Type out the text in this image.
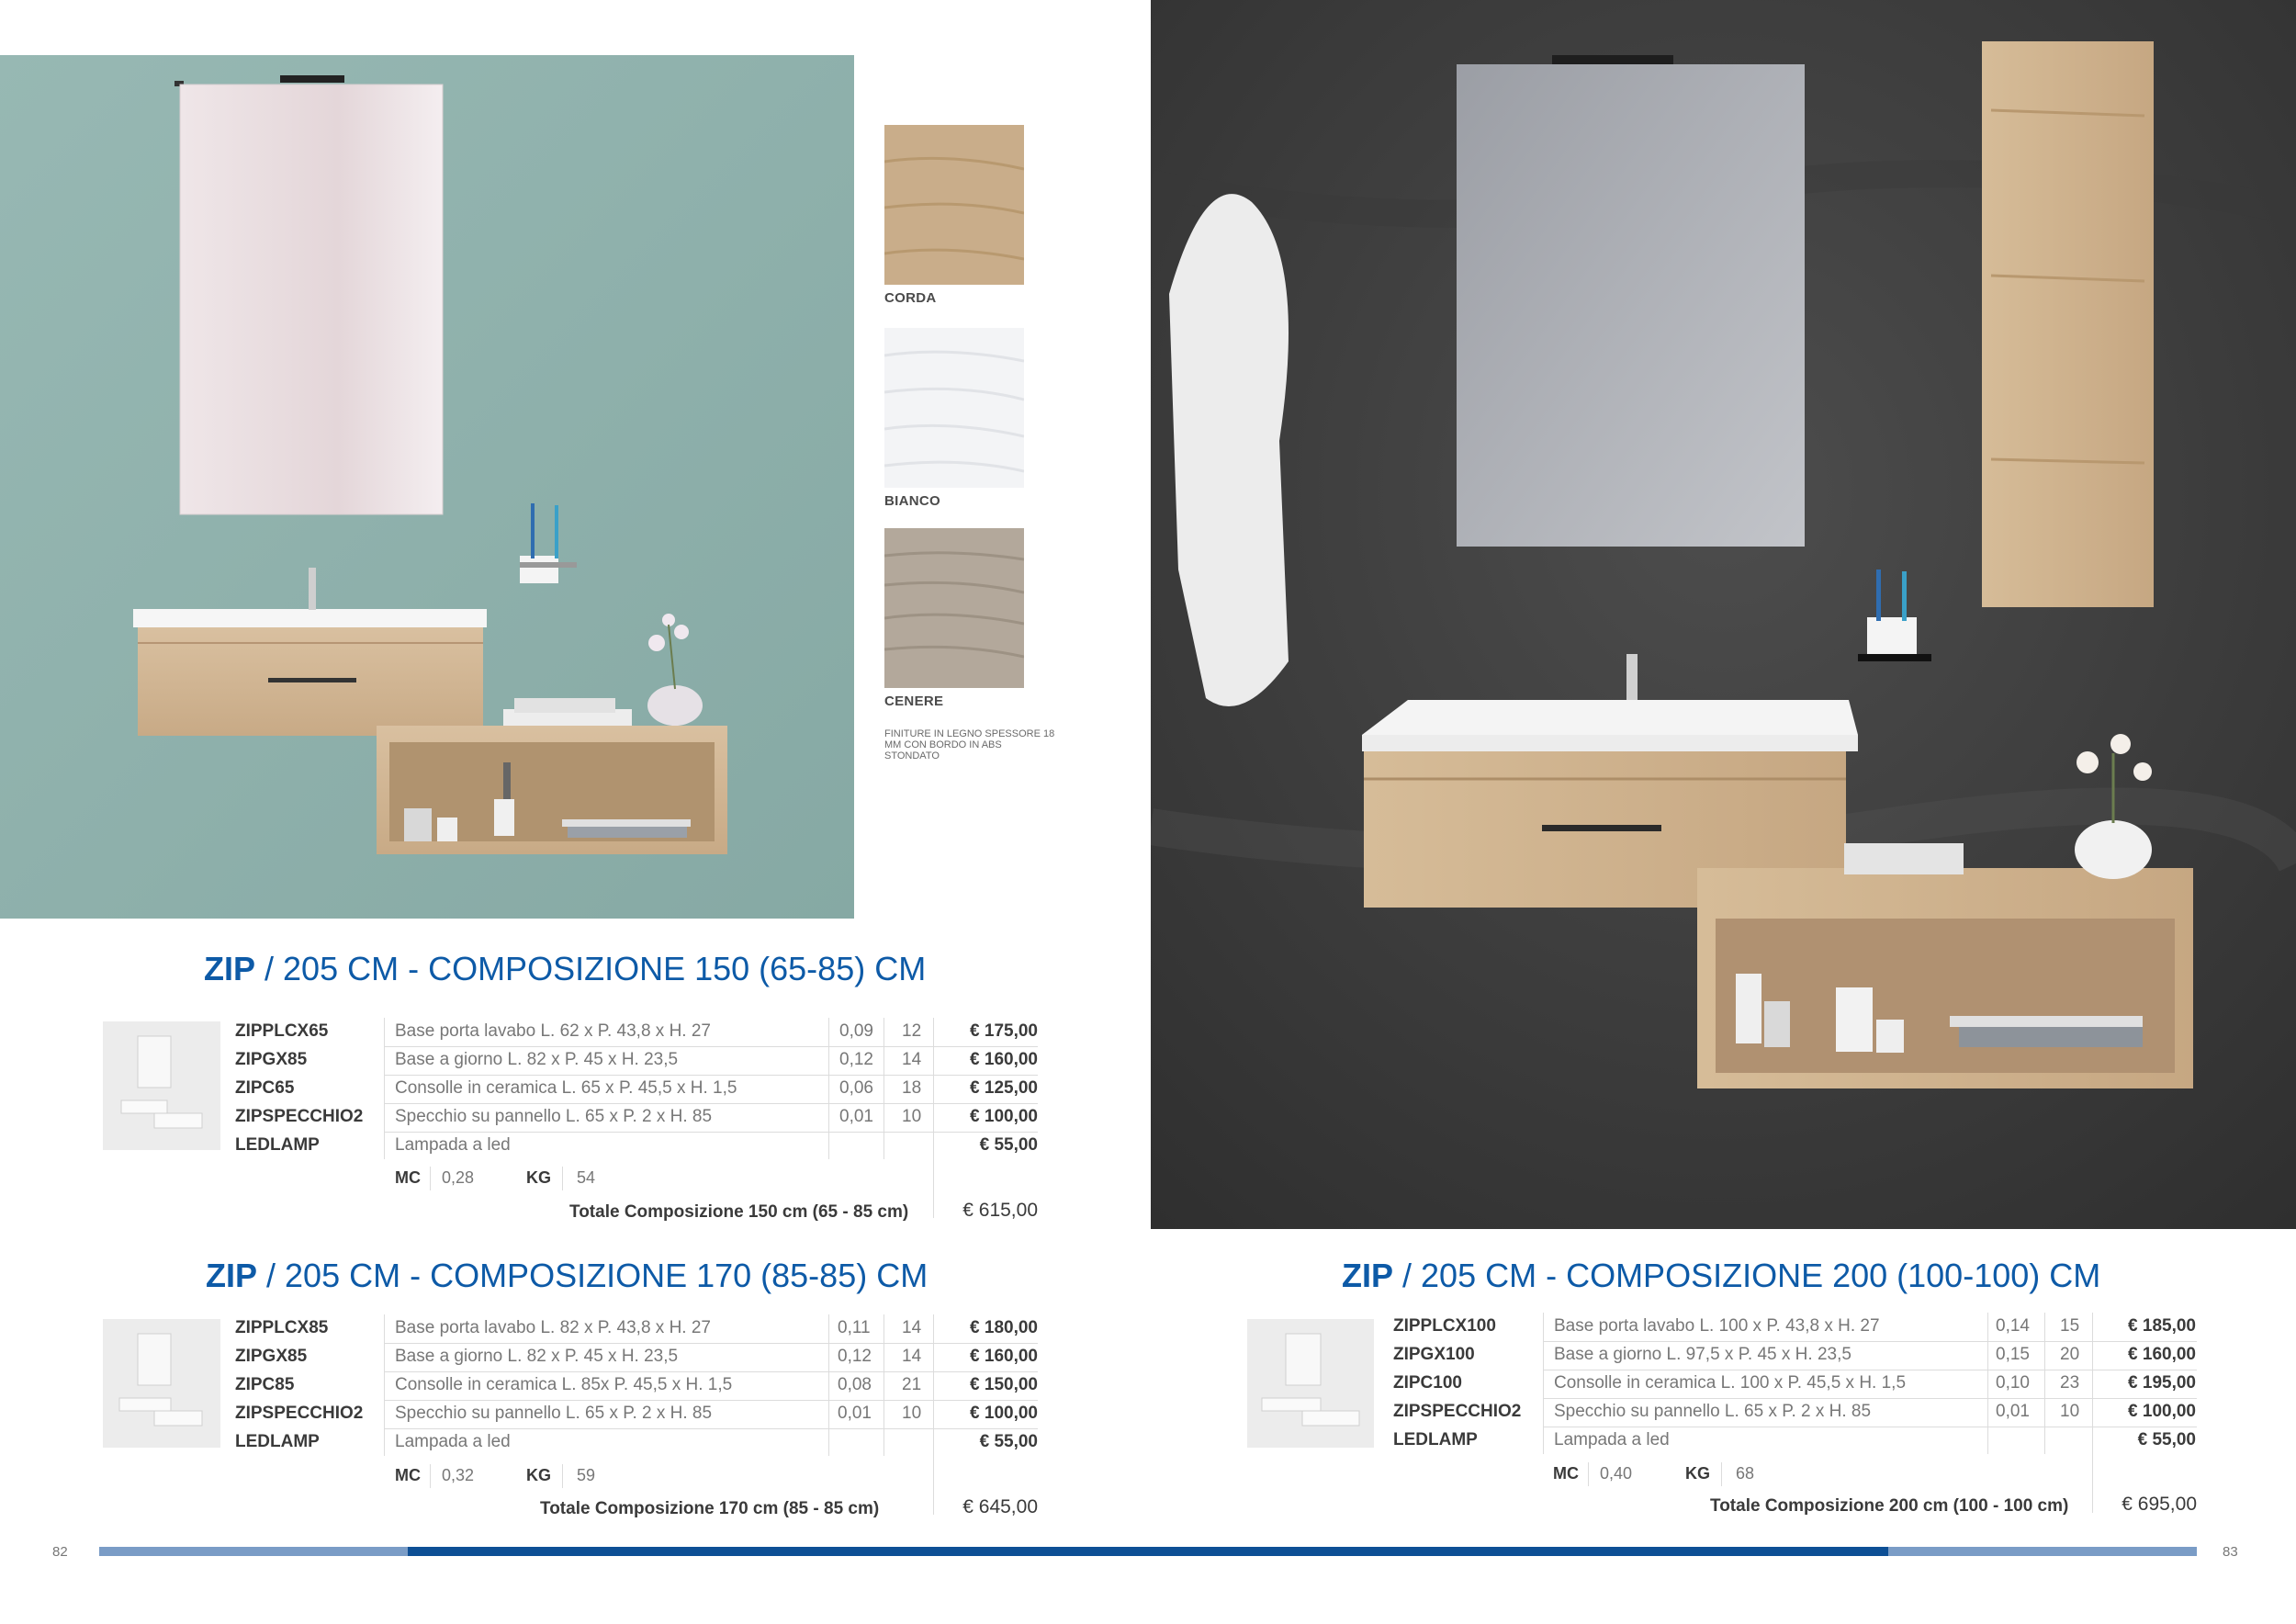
CORDA
BIANCO
CENERE
FINITURE IN LEGNO SPESSORE 18 MM CON BORDO IN ABS STONDATO
ZIP / 205 CM - COMPOSIZIONE 150 (65-85) CM
ZIPPLCX65	Base porta lavabo L. 62 x P. 43,8 x H. 27	0,09 12	€ 175,00
ZIPGX85	Base a giorno L. 82 x P. 45 x H. 23,5	0,12 14	€ 160,00
ZIPC65	Consolle in ceramica L. 65 x P. 45,5 x H. 1,5	0,06 18	€ 125,00
ZIPSPECCHIO2 Specchio su pannello L. 65 x P. 2 x H. 85	0,01 10	€ 100,00
LEDLAMP	Lampada a led	€ 55,00
MC 0,28	KG 54
Totale Composizione 150 cm (65 - 85 cm)	€ 615,00
ZIP / 205 CM - COMPOSIZIONE 170 (85-85) CM
ZIPPLCX85	Base porta lavabo L. 82 x P. 43,8 x H. 27	0,11 14	€ 180,00
ZIPGX85	Base a giorno L. 82 x P. 45 x H. 23,5	0,12 14	€ 160,00
ZIPC85	Consolle in ceramica L. 85x P. 45,5 x H. 1,5	0,08 21	€ 150,00
ZIPSPECCHIO2 Specchio su pannello L. 65 x P. 2 x H. 85	0,01 10	€ 100,00
LEDLAMP	Lampada a led	€ 55,00
MC 0,32	KG 59
Totale Composizione 170 cm (85 - 85 cm)	€ 645,00
ZIP / 205 CM - COMPOSIZIONE 200 (100-100) CM
ZIPPLCX100	Base porta lavabo L. 100 x P. 43,8 x H. 27	0,14 15	€ 185,00
ZIPGX100	Base a giorno L. 97,5 x P. 45 x H. 23,5	0,15 20	€ 160,00
ZIPC100	Consolle in ceramica L. 100 x P. 45,5 x H. 1,5	0,10 23	€ 195,00
ZIPSPECCHIO2 Specchio su pannello L. 65 x P. 2 x H. 85	0,01 10	€ 100,00
LEDLAMP	Lampada a led	€ 55,00
MC 0,40	KG 68
Totale Composizione 200 cm (100 - 100 cm)	€ 695,00
82	83
